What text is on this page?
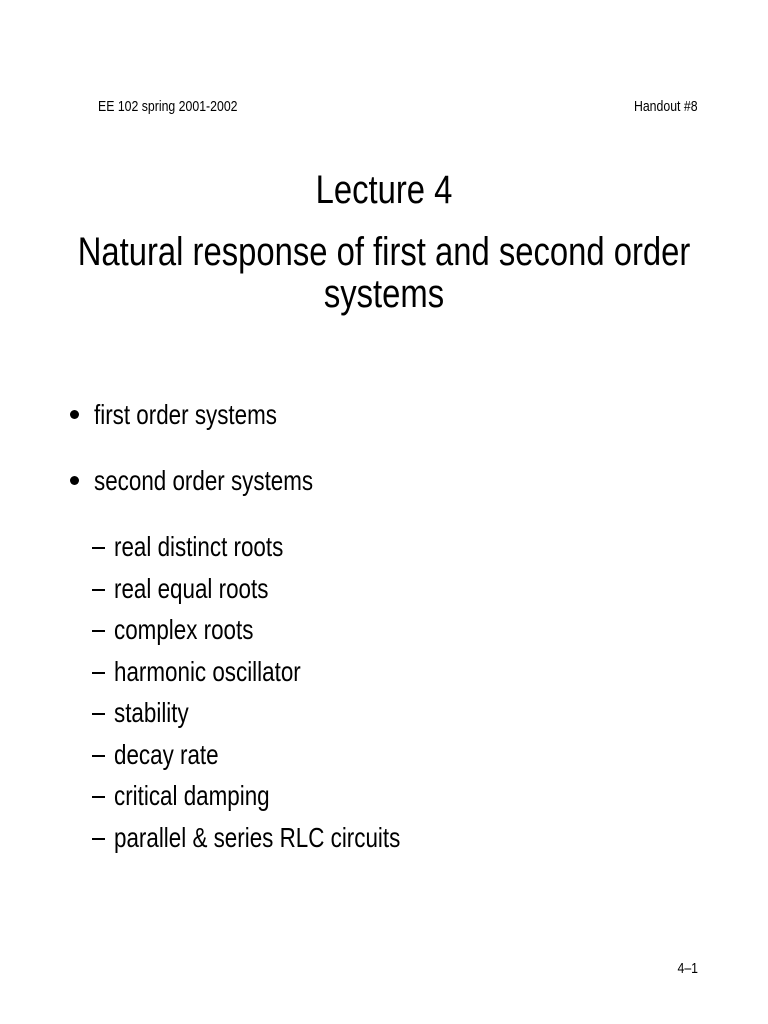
EE 102 spring 2001-2002	Handout #8
Lecture 4
Natural response of first and second order
systems
first order systems
second order systems
real distinct roots
real equal roots
complex roots
harmonic oscillator
stability
decay rate
critical damping
parallel & series RLC circuits
4–1
